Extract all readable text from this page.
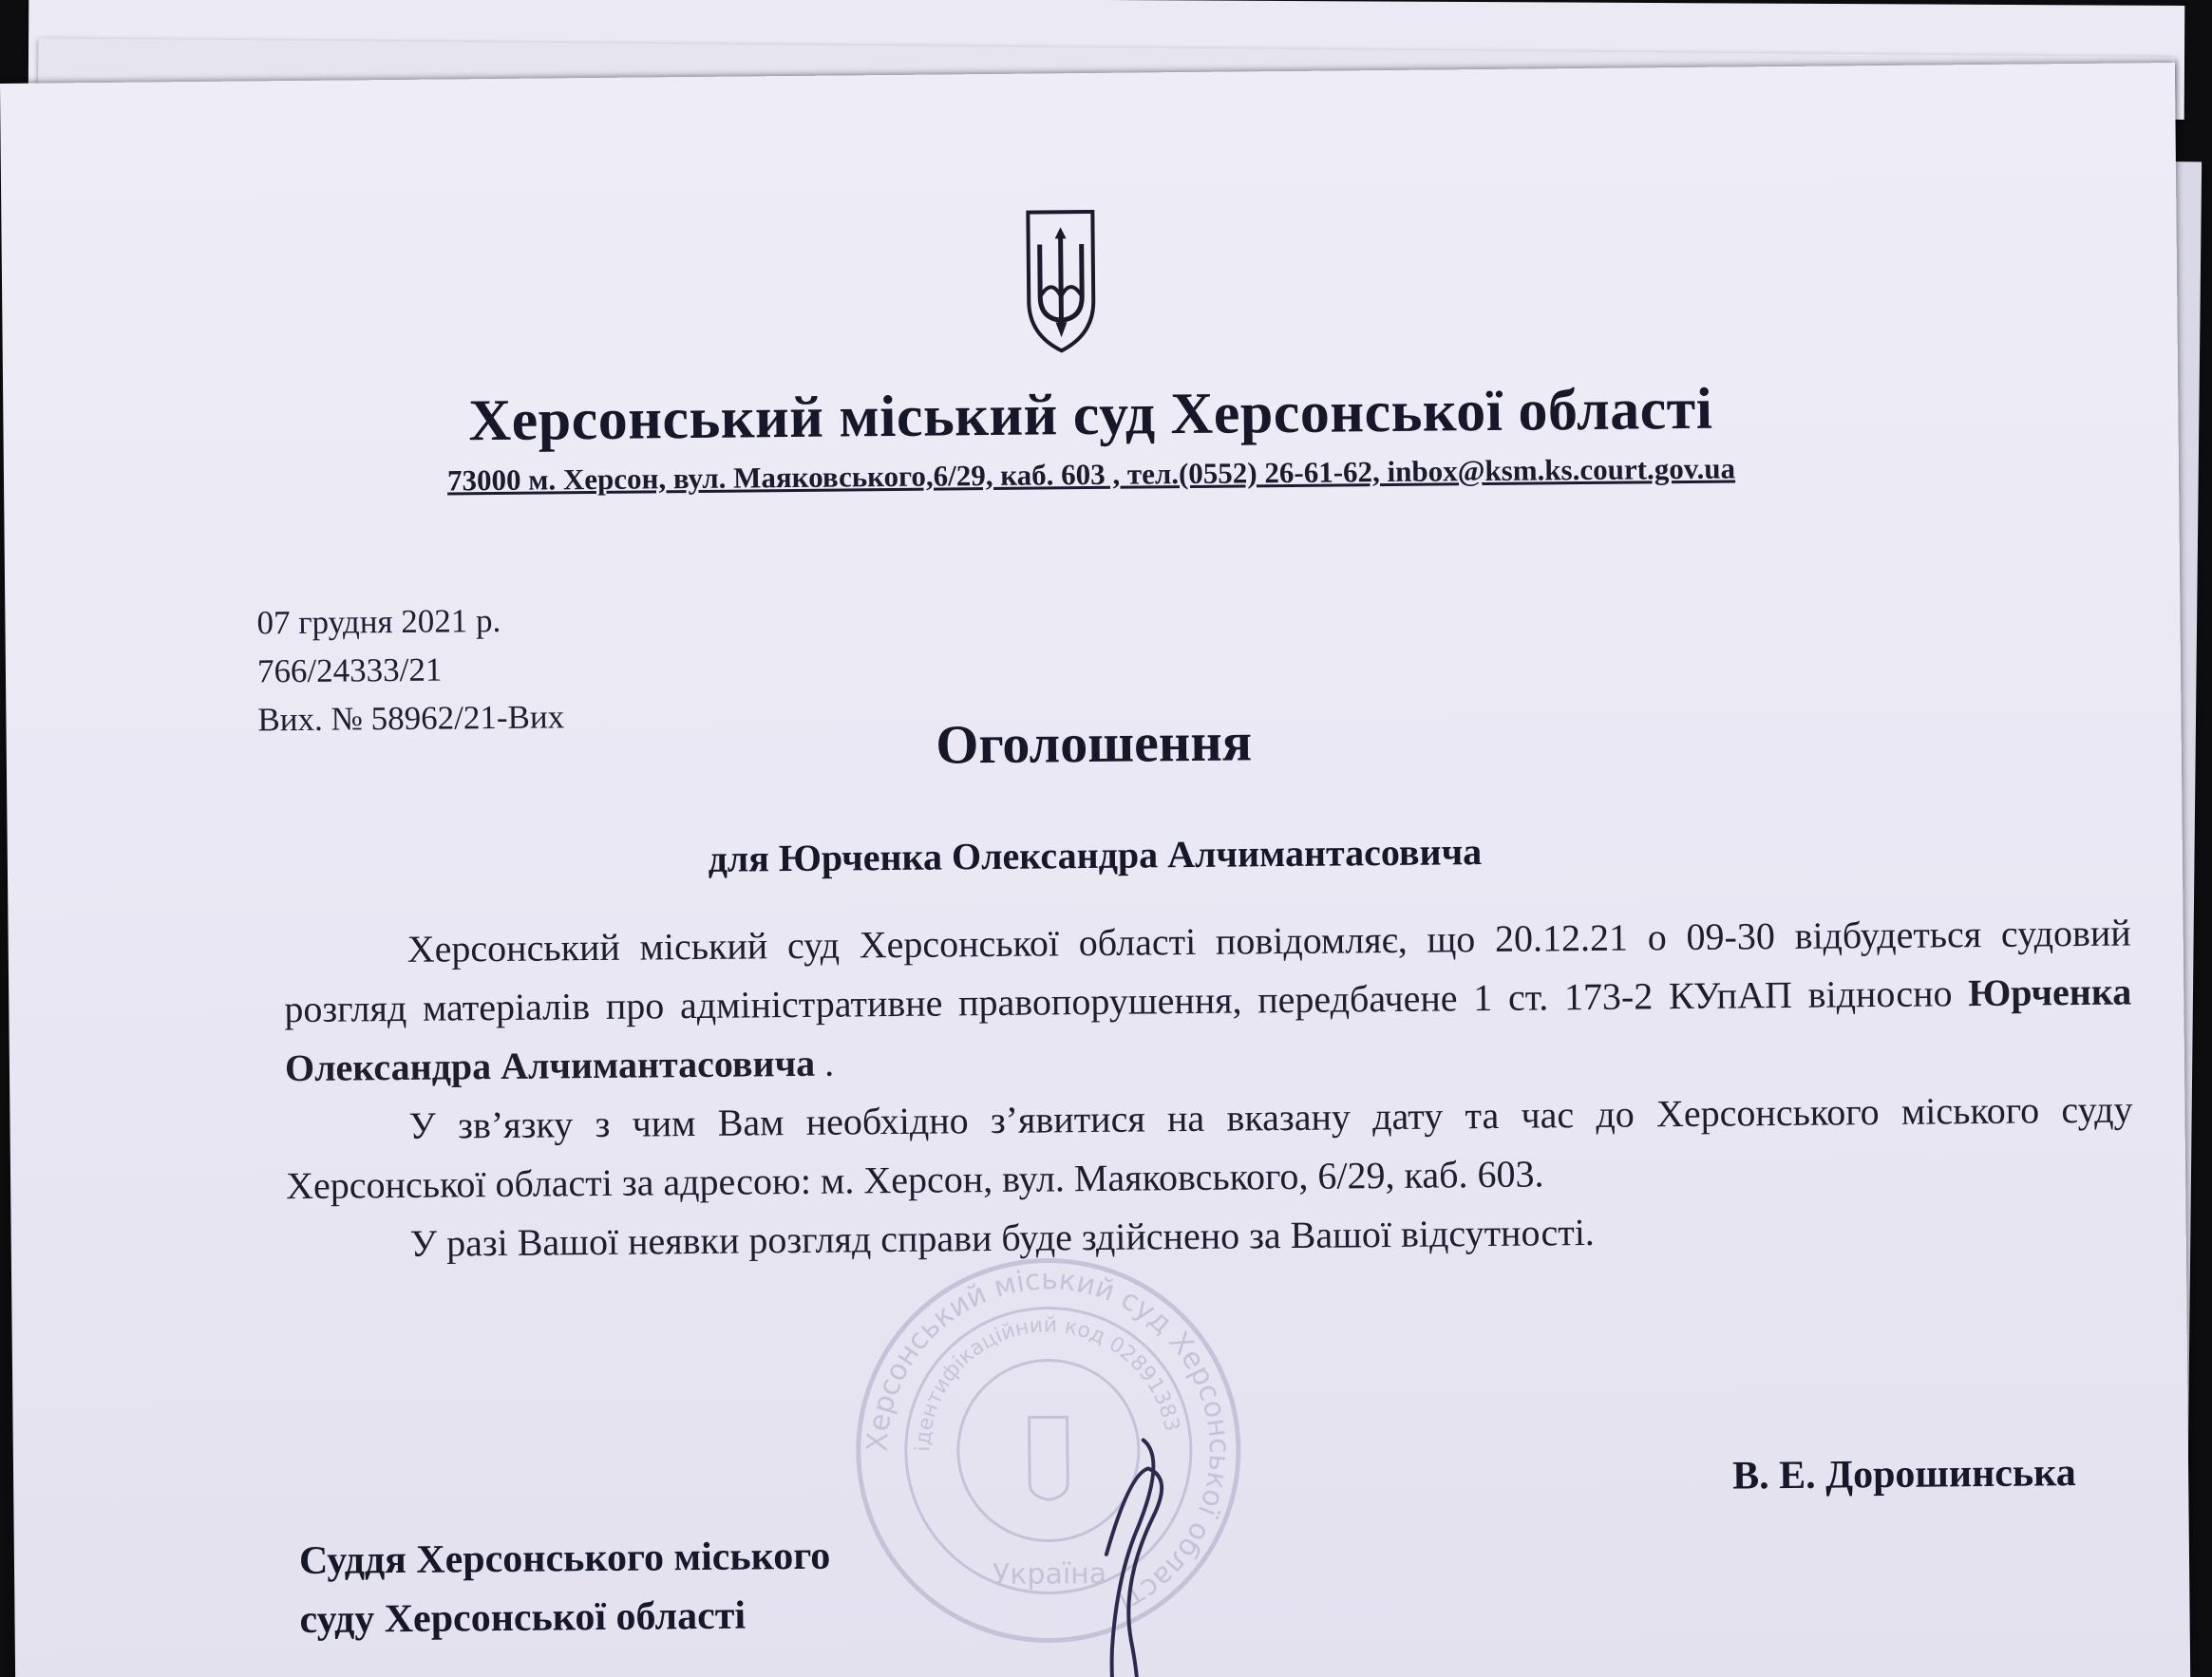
Херсонський міський суд Херсонської області
73000 м. Херсон, вул. Маяковського,6/29, каб. 603 , тел.(0552) 26-61-62, inbox@ksm.ks.court.gov.ua
07 грудня 2021 р.
766/24333/21
Вих. № 58962/21-Вих	Оголошення
для Юрченка Олександра Алчимантасовича

Херсонський міський суд Херсонської області повідомляє, що 20.12.21 о 09-30 відбудеться судовий розгляд матеріалів про адміністративне правопорушення, передбачене 1 ст. 173-2 КУпАП відносно Юрченка Олександра Алчимантасовича .

У зв’язку з чим Вам необхідно з’явитися на вказану дату та час до Херсонського міського суду Херсонської області за адресою: м. Херсон, вул. Маяковського, 6/29, каб. 603.

У разі Вашої неявки розгляд справи буде здійснено за Вашої відсутності.

Херсонський міський суд Херсонської області
ідентифікаційний код 02891383
Україна
Суддя Херсонського міського
суду Херсонської області
В. Е. Дорошинська
